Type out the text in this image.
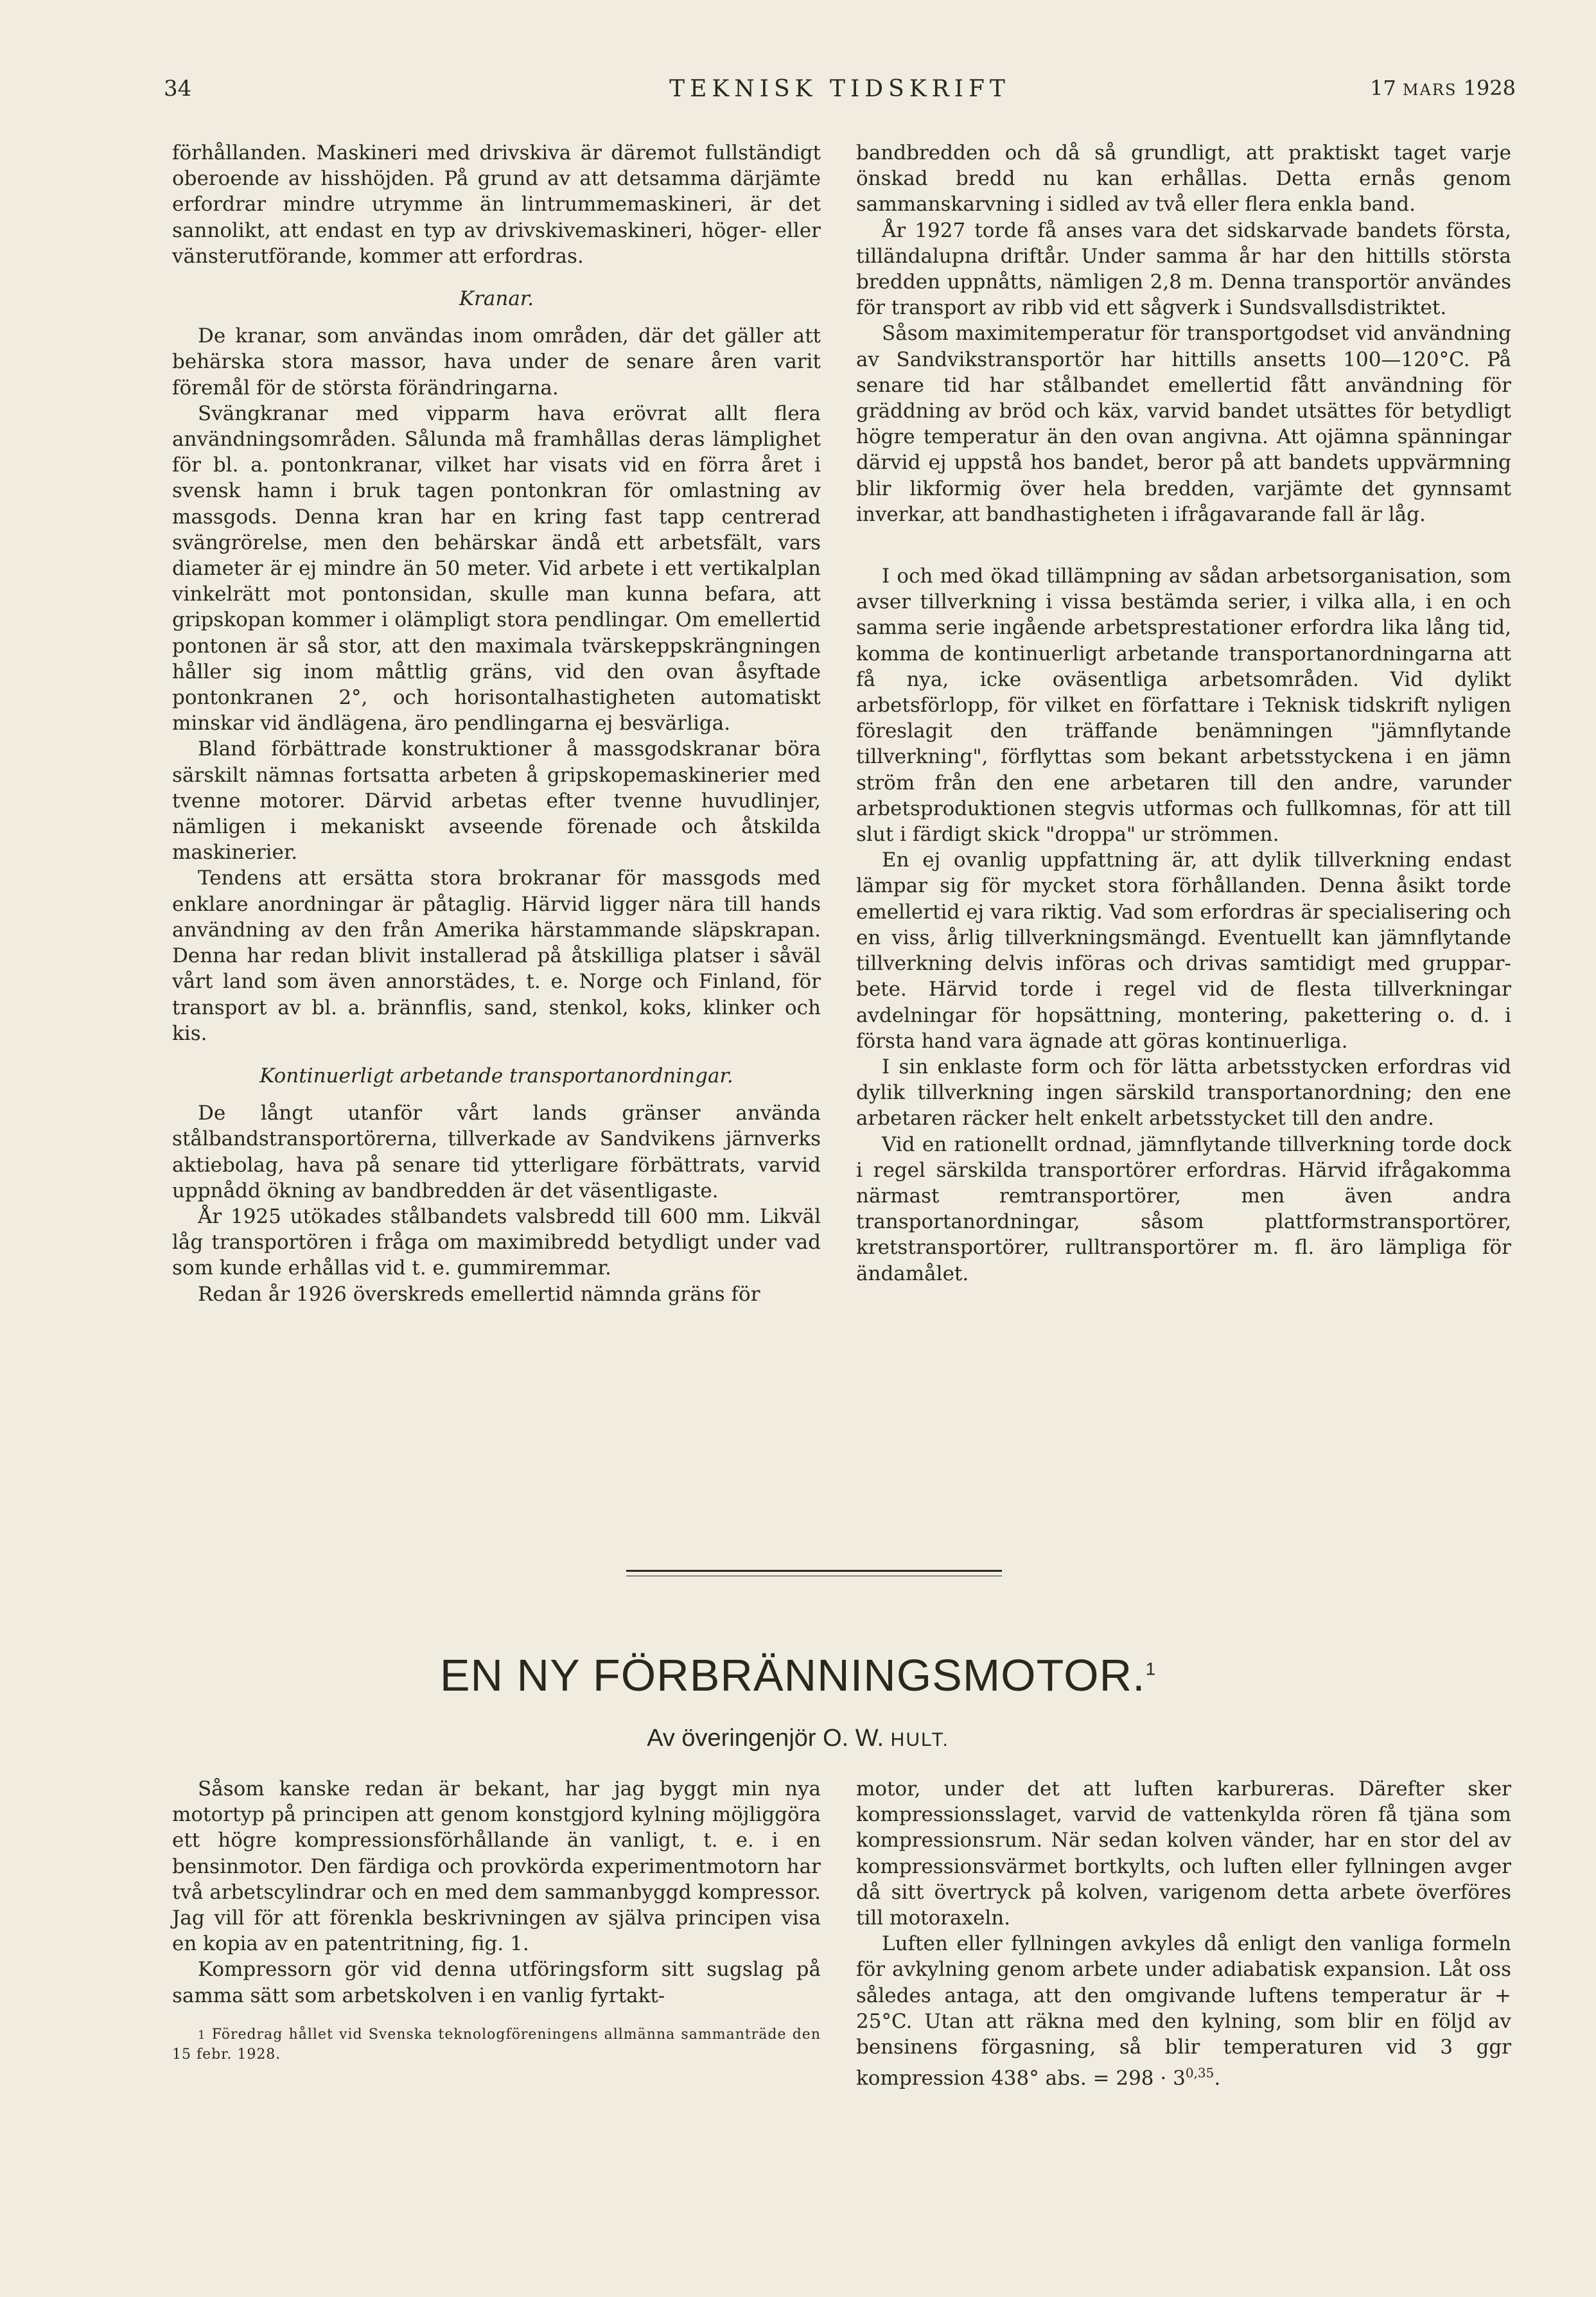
34	TEKNISK TIDSKRIFT	17 MARS 1928

förhållanden. Maskineri med drivskiva är däremot fullständigt oberoende av hisshöjden. På grund av att detsamma därjämte erfordrar mindre utrymme än lintrummemaskineri, är det sannolikt, att endast en typ av drivskivemaskineri, höger- eller vänsterutförande, kommer att erfordras.

Kranar.

De kranar, som användas inom områden, där det gäller att behärska stora massor, hava under de senare åren varit föremål för de största förändringarna.

Svängkranar med vipparm hava erövrat allt flera användningsområden. Sålunda må framhållas deras lämplighet för bl. a. pontonkranar, vilket har visats vid en förra året i svensk hamn i bruk tagen pontonkran för omlastning av massgods. Denna kran har en kring fast tapp centrerad svängrörelse, men den behärskar ändå ett arbetsfält, vars diameter är ej mindre än 50 meter. Vid arbete i ett vertikalplan vinkelrätt mot pontonsidan, skulle man kunna befara, att gripskopan kommer i olämpligt stora pendlingar. Om emellertid pontonen är så stor, att den maximala tvärskeppskrängningen håller sig inom måttlig gräns, vid den ovan åsyftade pontonkranen 2°, och horisontalhastigheten automatiskt minskar vid ändlägena, äro pendlingarna ej besvärliga.

Bland förbättrade konstruktioner å massgodskranar böra särskilt nämnas fortsatta arbeten å gripskopemaskinerier med tvenne motorer. Därvid arbetas efter tvenne huvudlinjer, nämligen i mekaniskt avseende förenade och åtskilda maskinerier.

Tendens att ersätta stora brokranar för massgods med enklare anordningar är påtaglig. Härvid ligger nära till hands användning av den från Amerika härstammande släpskrapan. Denna har redan blivit installerad på åtskilliga platser i såväl vårt land som även annorstädes, t. e. Norge och Finland, för transport av bl. a. brännflis, sand, stenkol, koks, klinker och kis.

Kontinuerligt arbetande transportanordningar.

De långt utanför vårt lands gränser använda stålbandstransportörerna, tillverkade av Sandvikens järnverks aktiebolag, hava på senare tid ytterligare förbättrats, varvid uppnådd ökning av bandbredden är det väsentligaste.

År 1925 utökades stålbandets valsbredd till 600 mm. Likväl låg transportören i fråga om maximibredd betydligt under vad som kunde erhållas vid t. e. gummiremmar.

Redan år 1926 överskreds emellertid nämnda gräns för

bandbredden och då så grundligt, att praktiskt taget varje önskad bredd nu kan erhållas. Detta ernås genom sammanskarvning i sidled av två eller flera enkla band.

År 1927 torde få anses vara det sidskarvade bandets första, tilländalupna driftår. Under samma år har den hittills största bredden uppnåtts, nämligen 2,8 m. Denna transportör användes för transport av ribb vid ett sågverk i Sundsvallsdistriktet.

Såsom maximitemperatur för transportgodset vid användning av Sandvikstransportör har hittills ansetts 100—120°C. På senare tid har stålbandet emellertid fått användning för gräddning av bröd och käx, varvid bandet utsättes för betydligt högre temperatur än den ovan angivna. Att ojämna spänningar därvid ej uppstå hos bandet, beror på att bandets uppvärmning blir likformig över hela bredden, varjämte det gynnsamt inverkar, att bandhastigheten i ifrågavarande fall är låg.

I och med ökad tillämpning av sådan arbetsorganisation, som avser tillverkning i vissa bestämda serier, i vilka alla, i en och samma serie ingående arbetsprestationer erfordra lika lång tid, komma de kontinuerligt arbetande transportanordningarna att få nya, icke oväsentliga arbetsområden. Vid dylikt arbetsförlopp, för vilket en författare i Teknisk tidskrift nyligen föreslagit den träffande benämningen "jämnflytande tillverkning", förflyttas som bekant arbetsstyckena i en jämn ström från den ene arbetaren till den andre, varunder arbetsproduktionen stegvis utformas och fullkomnas, för att till slut i färdigt skick "droppa" ur strömmen.

En ej ovanlig uppfattning är, att dylik tillverkning endast lämpar sig för mycket stora förhållanden. Denna åsikt torde emellertid ej vara riktig. Vad som erfordras är specialisering och en viss, årlig tillverkningsmängd. Eventuellt kan jämnflytande tillverkning delvis införas och drivas samtidigt med grupparbete. Härvid torde i regel vid de flesta tillverkningar avdelningar för hopsättning, montering, pakettering o. d. i första hand vara ägnade att göras kontinuerliga.

I sin enklaste form och för lätta arbetsstycken erfordras vid dylik tillverkning ingen särskild transportanordning; den ene arbetaren räcker helt enkelt arbetsstycket till den andre.

Vid en rationellt ordnad, jämnflytande tillverkning torde dock i regel särskilda transportörer erfordras. Härvid ifrågakomma närmast remtransportörer, men även andra transportanordningar, såsom plattformstransportörer, kretstransportörer, rulltransportörer m. fl. äro lämpliga för ändamålet.

EN NY FÖRBRÄNNINGSMOTOR.$^1$
Av överingenjör O. W. HULT.

Såsom kanske redan är bekant, har jag byggt min nya motortyp på principen att genom konstgjord kylning möjliggöra ett högre kompressionsförhållande än vanligt, t. e. i en bensinmotor. Den färdiga och provkörda experimentmotorn har två arbetscylindrar och en med dem sammanbyggd kompressor. Jag vill för att förenkla beskrivningen av själva principen visa en kopia av en patentritning, fig. 1.

Kompressorn gör vid denna utföringsform sitt sugslag på samma sätt som arbetskolven i en vanlig fyrtakt-

1 Föredrag hållet vid Svenska teknologföreningens allmänna sammanträde den 15 febr. 1928.

motor, under det att luften karbureras. Därefter sker kompressionsslaget, varvid de vattenkylda rören få tjäna som kompressionsrum. När sedan kolven vänder, har en stor del av kompressionsvärmet bortkylts, och luften eller fyllningen avger då sitt övertryck på kolven, varigenom detta arbete överföres till motoraxeln.

Luften eller fyllningen avkyles då enligt den vanliga formeln för avkylning genom arbete under adiabatisk expansion. Låt oss således antaga, att den omgivande luftens temperatur är + 25°C. Utan att räkna med den kylning, som blir en följd av bensinens förgasning, så blir temperaturen vid 3 ggr kompression 438° abs. = $298 \cdot 3^{0,35}$.
